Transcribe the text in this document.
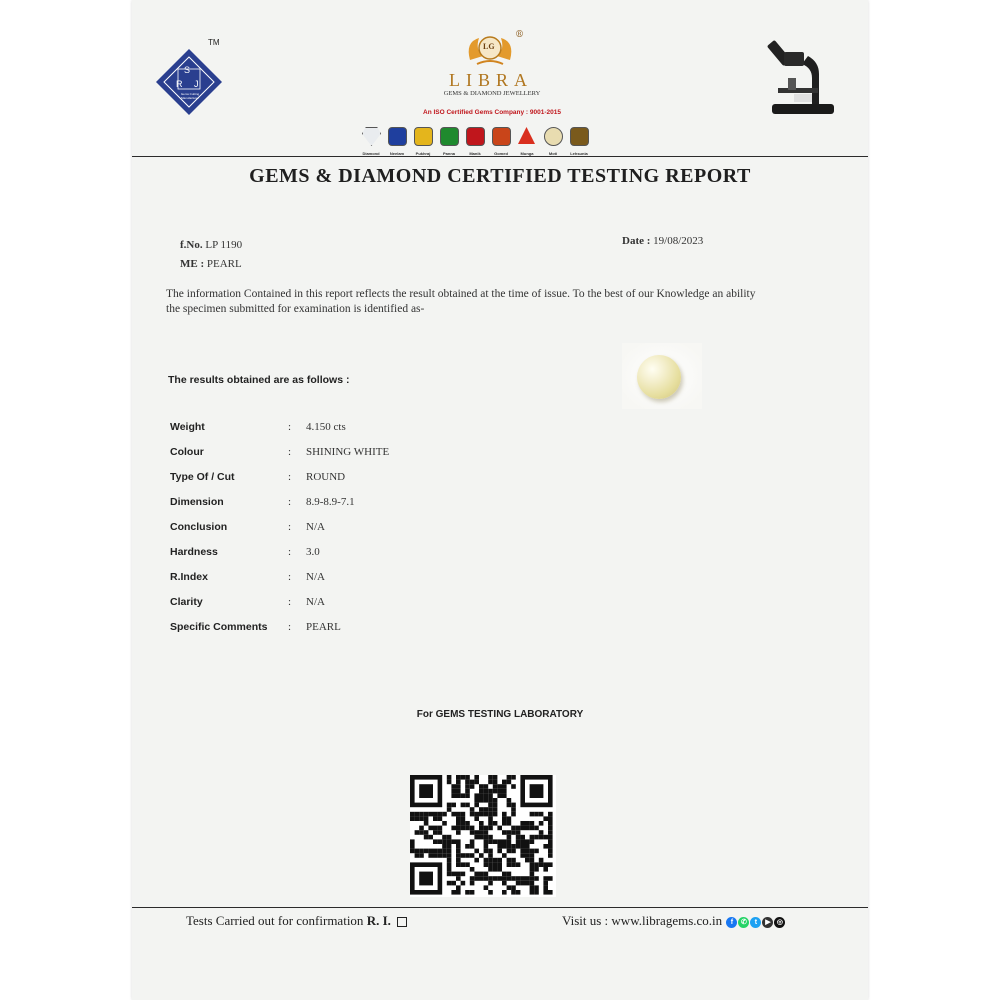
S
R J
Gems Cutting Manufacturer
TM	LG
®
LIBRA
GEMS & DIAMOND JEWELLERY
An ISO Certified Gems Company : 9001-2015
Diamond	Neelam	Pukhraj	Panna	Manik	Gomed	Munga	Moti	Lehsunia
GEMS & DIAMOND CERTIFIED TESTING REPORT
f.No. LP 1190
ME : PEARL
Date : 19/08/2023
The information Contained in this report reflects the result obtained at the time of issue. To the best of our Knowledge an ability the specimen submitted for examination is identified as-
The results obtained are as follows :
Weight	: 4.150 cts
Colour	: SHINING WHITE
Type Of / Cut	: ROUND
Dimension	: 8.9-8.9-7.1
Conclusion	: N/A
Hardness	: 3.0
R.Index	: N/A
Clarity	: N/A
Specific Comments	: PEARL
For GEMS TESTING LABORATORY
Tests Carried out for confirmation R. I.	Visit us : www.libragems.co.in f ✆ t ▶ ◎
